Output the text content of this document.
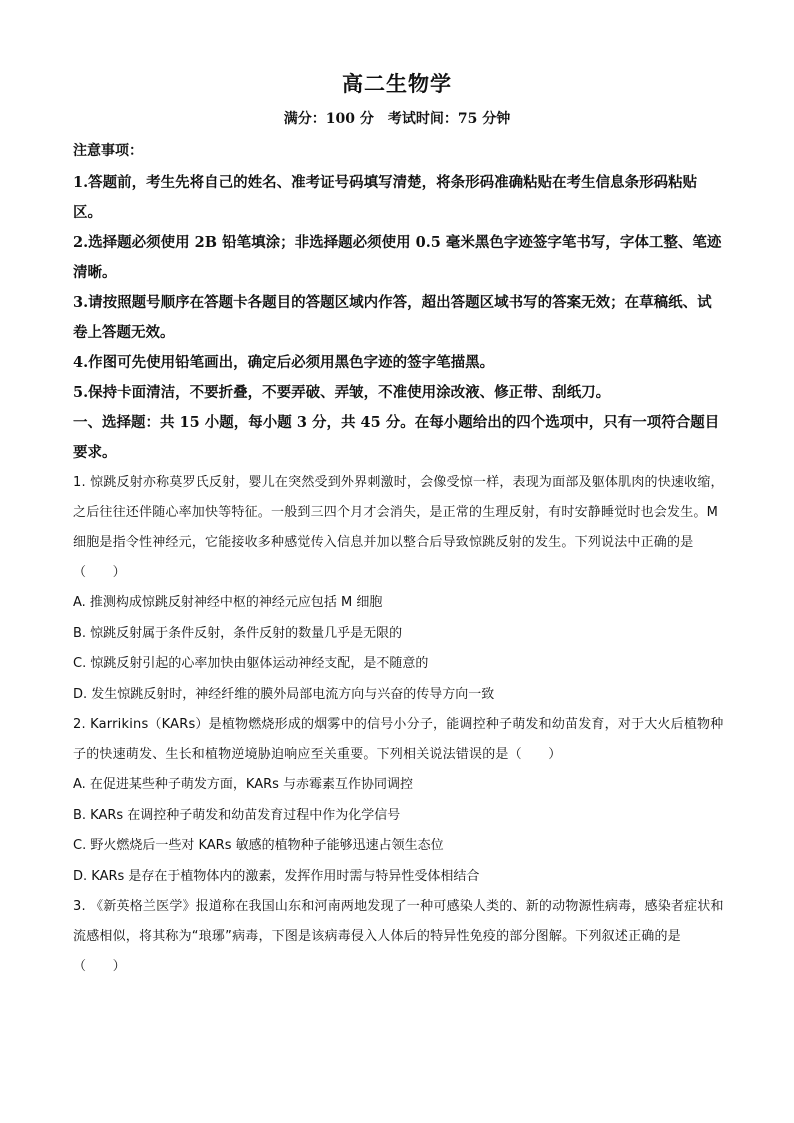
高二生物学
满分：100 分 考试时间：75 分钟
注意事项：

1.答题前，考生先将自己的姓名、准考证号码填写清楚，将条形码准确粘贴在考生信息条形码粘贴区。

2.选择题必须使用 2B 铅笔填涂；非选择题必须使用 0.5 毫米黑色字迹签字笔书写，字体工整、笔迹清晰。

3.请按照题号顺序在答题卡各题目的答题区域内作答，超出答题区域书写的答案无效；在草稿纸、试卷上答题无效。

4.作图可先使用铅笔画出，确定后必须用黑色字迹的签字笔描黑。

5.保持卡面清洁，不要折叠，不要弄破、弄皱，不准使用涂改液、修正带、刮纸刀。

一、选择题：共 15 小题，每小题 3 分，共 45 分。在每小题给出的四个选项中，只有一项符合题目要求。

1. 惊跳反射亦称莫罗氏反射，婴儿在突然受到外界刺激时，会像受惊一样，表现为面部及躯体肌肉的快速收缩，之后往往还伴随心率加快等特征。一般到三四个月才会消失，是正常的生理反射，有时安静睡觉时也会发生。M 细胞是指令性神经元，它能接收多种感觉传入信息并加以整合后导致惊跳反射的发生。下列说法中正确的是（　　）

A. 推测构成惊跳反射神经中枢的神经元应包括 M 细胞

B. 惊跳反射属于条件反射，条件反射的数量几乎是无限的

C. 惊跳反射引起的心率加快由躯体运动神经支配，是不随意的

D. 发生惊跳反射时，神经纤维的膜外局部电流方向与兴奋的传导方向一致

2. Karrikins（KARs）是植物燃烧形成的烟雾中的信号小分子，能调控种子萌发和幼苗发育，对于大火后植物种子的快速萌发、生长和植物逆境胁迫响应至关重要。下列相关说法错误的是（　　）

A. 在促进某些种子萌发方面，KARs 与赤霉素互作协同调控

B. KARs 在调控种子萌发和幼苗发育过程中作为化学信号

C. 野火燃烧后一些对 KARs 敏感的植物种子能够迅速占领生态位

D. KARs 是存在于植物体内的激素，发挥作用时需与特异性受体相结合

3. 《新英格兰医学》报道称在我国山东和河南两地发现了一种可感染人类的、新的动物源性病毒，感染者症状和流感相似，将其称为“琅琊”病毒，下图是该病毒侵入人体后的特异性免疫的部分图解。下列叙述正确的是（　　）
